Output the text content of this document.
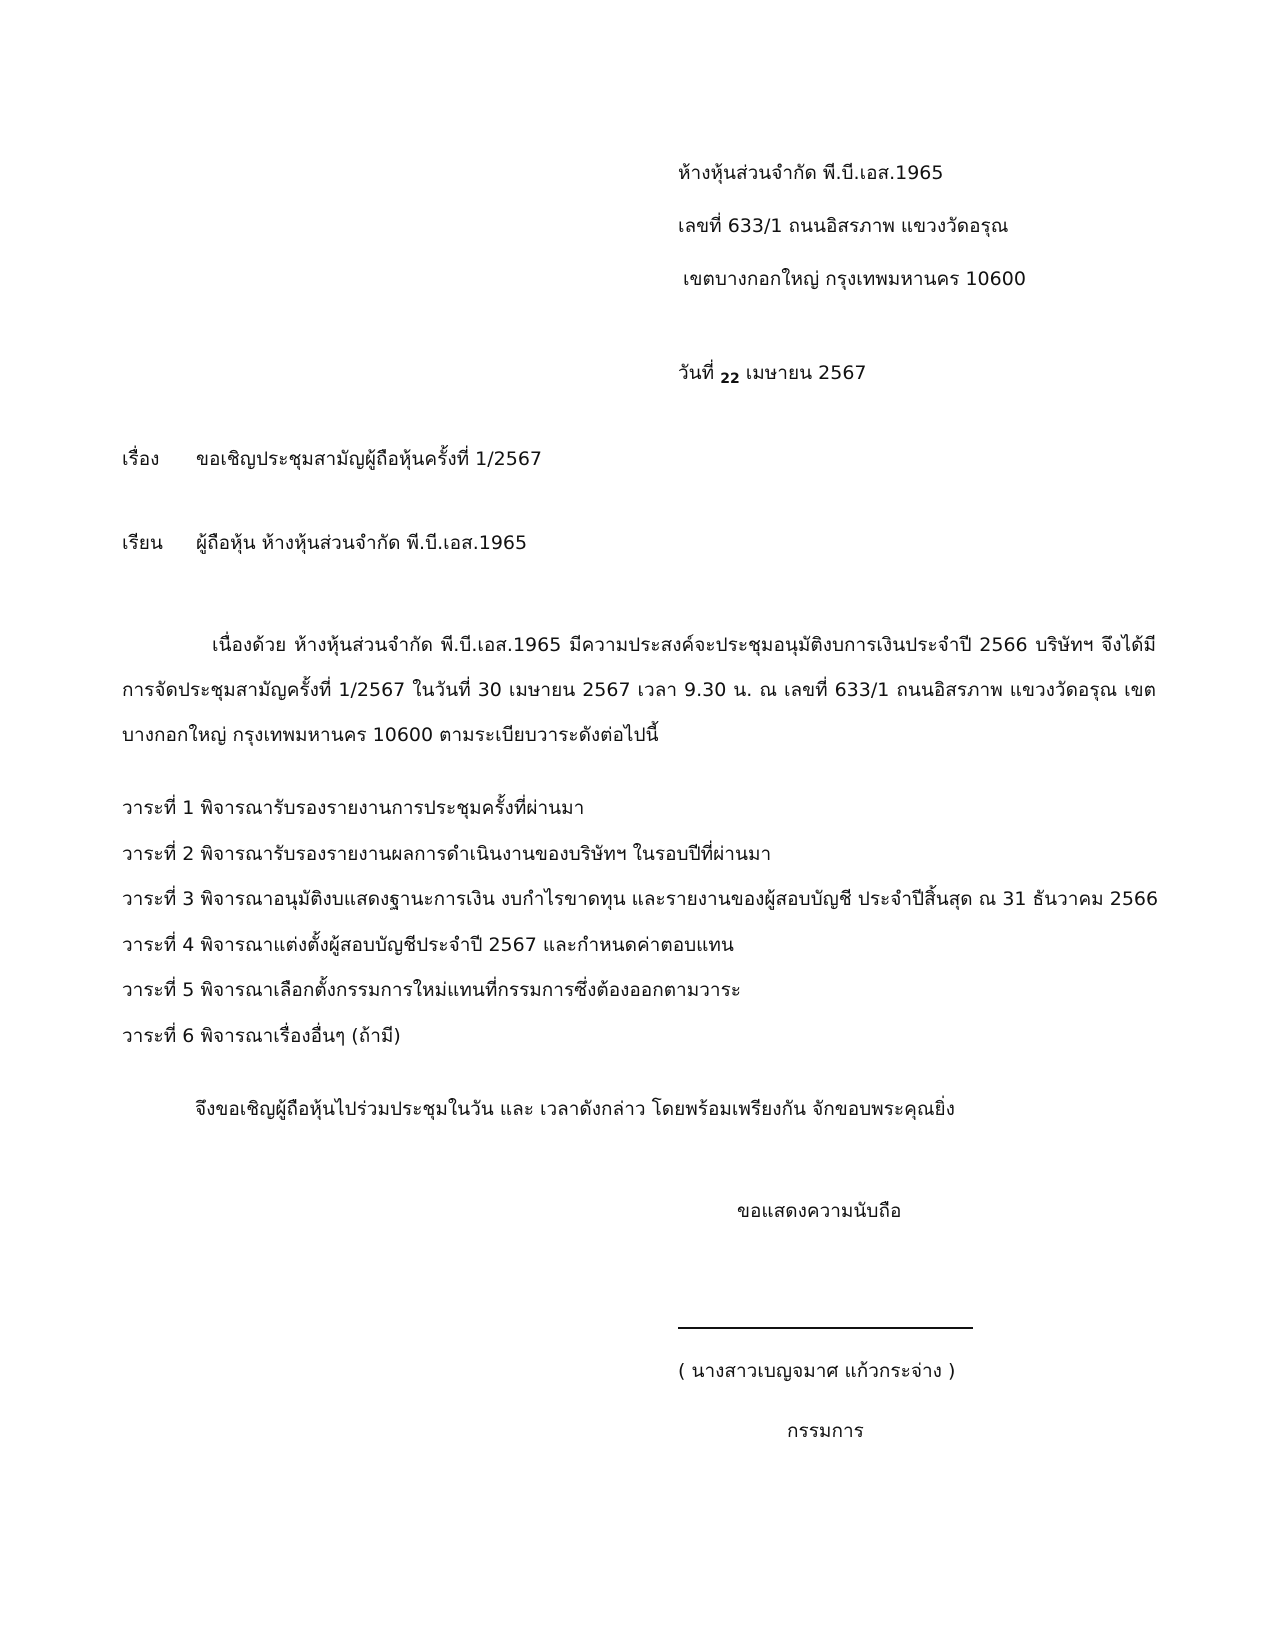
ห้างหุ้นส่วนจำกัด พี.บี.เอส.1965
เลขที่ 633/1 ถนนอิสรภาพ แขวงวัดอรุณ
เขตบางกอกใหญ่ กรุงเทพมหานคร 10600
วันที่ $_{22}$ เมษายน 2567
เรื่อง ขอเชิญประชุมสามัญผู้ถือหุ้นครั้งที่ 1/2567
เรียน ผู้ถือหุ้น ห้างหุ้นส่วนจำกัด พี.บี.เอส.1965

เนื่องด้วย ห้างหุ้นส่วนจำกัด พี.บี.เอส.1965 มีความประสงค์จะประชุมอนุมัติงบการเงินประจำปี 2566 บริษัทฯ จึงได้มีการจัดประชุมสามัญครั้งที่ 1/2567 ในวันที่ 30 เมษายน 2567 เวลา 9.30 น. ณ เลขที่ 633/1 ถนนอิสรภาพ แขวงวัดอรุณ เขตบางกอกใหญ่ กรุงเทพมหานคร 10600 ตามระเบียบวาระดังต่อไปนี้

วาระที่ 1 พิจารณารับรองรายงานการประชุมครั้งที่ผ่านมา
วาระที่ 2 พิจารณารับรองรายงานผลการดำเนินงานของบริษัทฯ ในรอบปีที่ผ่านมา
วาระที่ 3 พิจารณาอนุมัติงบแสดงฐานะการเงิน งบกำไรขาดทุน และรายงานของผู้สอบบัญชี ประจำปีสิ้นสุด ณ 31 ธันวาคม 2566
วาระที่ 4 พิจารณาแต่งตั้งผู้สอบบัญชีประจำปี 2567 และกำหนดค่าตอบแทน
วาระที่ 5 พิจารณาเลือกตั้งกรรมการใหม่แทนที่กรรมการซึ่งต้องออกตามวาระ
วาระที่ 6 พิจารณาเรื่องอื่นๆ (ถ้ามี)
จึงขอเชิญผู้ถือหุ้นไปร่วมประชุมในวัน และ เวลาดังกล่าว โดยพร้อมเพรียงกัน จักขอบพระคุณยิ่ง
ขอแสดงความนับถือ
( นางสาวเบญจมาศ แก้วกระจ่าง )
กรรมการ
